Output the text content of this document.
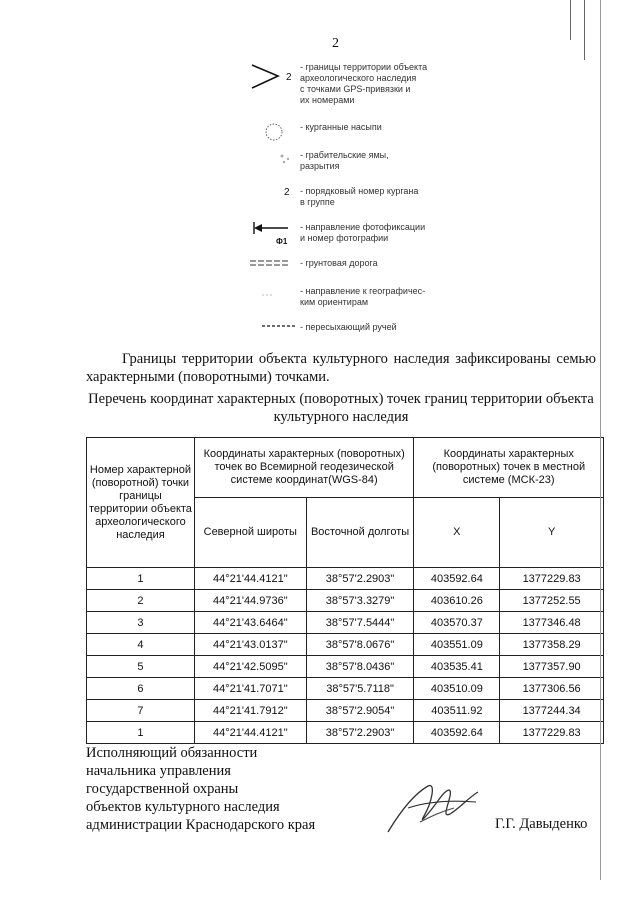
2
2
- границы территории объекта
археологического наследия
с точками GPS-привязки и
их номерами
- курганные насыпи
- грабительские ямы,
разрытия
2 - порядковый номер кургана
в группе
Ф1
- направление фотофиксации
и номер фотографии
- грунтовая дорога
- направление к географичес-
ким ориентирам
- пересыхающий ручей
Границы территории объекта культурного наследия зафиксированы семью характерными (поворотными) точками.
Перечень координат характерных (поворотных) точек границ территории объекта культурного наследия
Номер характерной (поворотной) точки границы территории объекта археологического наследия	Координаты характерных (поворотных) точек во Всемирной геодезической системе координат(WGS-84)		Координаты характерных (поворотных) точек в местной системе (МСК-23)	
	Северной широты	Восточной долготы	X	Y
1	44°21'44.4121"	38°57'2.2903"	403592.64	1377229.83
2	44°21'44.9736"	38°57'3.3279"	403610.26	1377252.55
3	44°21'43.6464"	38°57'7.5444"	403570.37	1377346.48
4	44°21'43.0137"	38°57'8.0676"	403551.09	1377358.29
5	44°21'42.5095"	38°57'8.0436"	403535.41	1377357.90
6	44°21'41.7071"	38°57'5.7118"	403510.09	1377306.56
7	44°21'41.7912"	38°57'2.9054"	403511.92	1377244.34
1	44°21'44.4121"	38°57'2.2903"	403592.64	1377229.83
Исполняющий обязанности
начальника управления
государственной охраны
объектов культурного наследия
администрации Краснодарского края	Г.Г. Давыденко
